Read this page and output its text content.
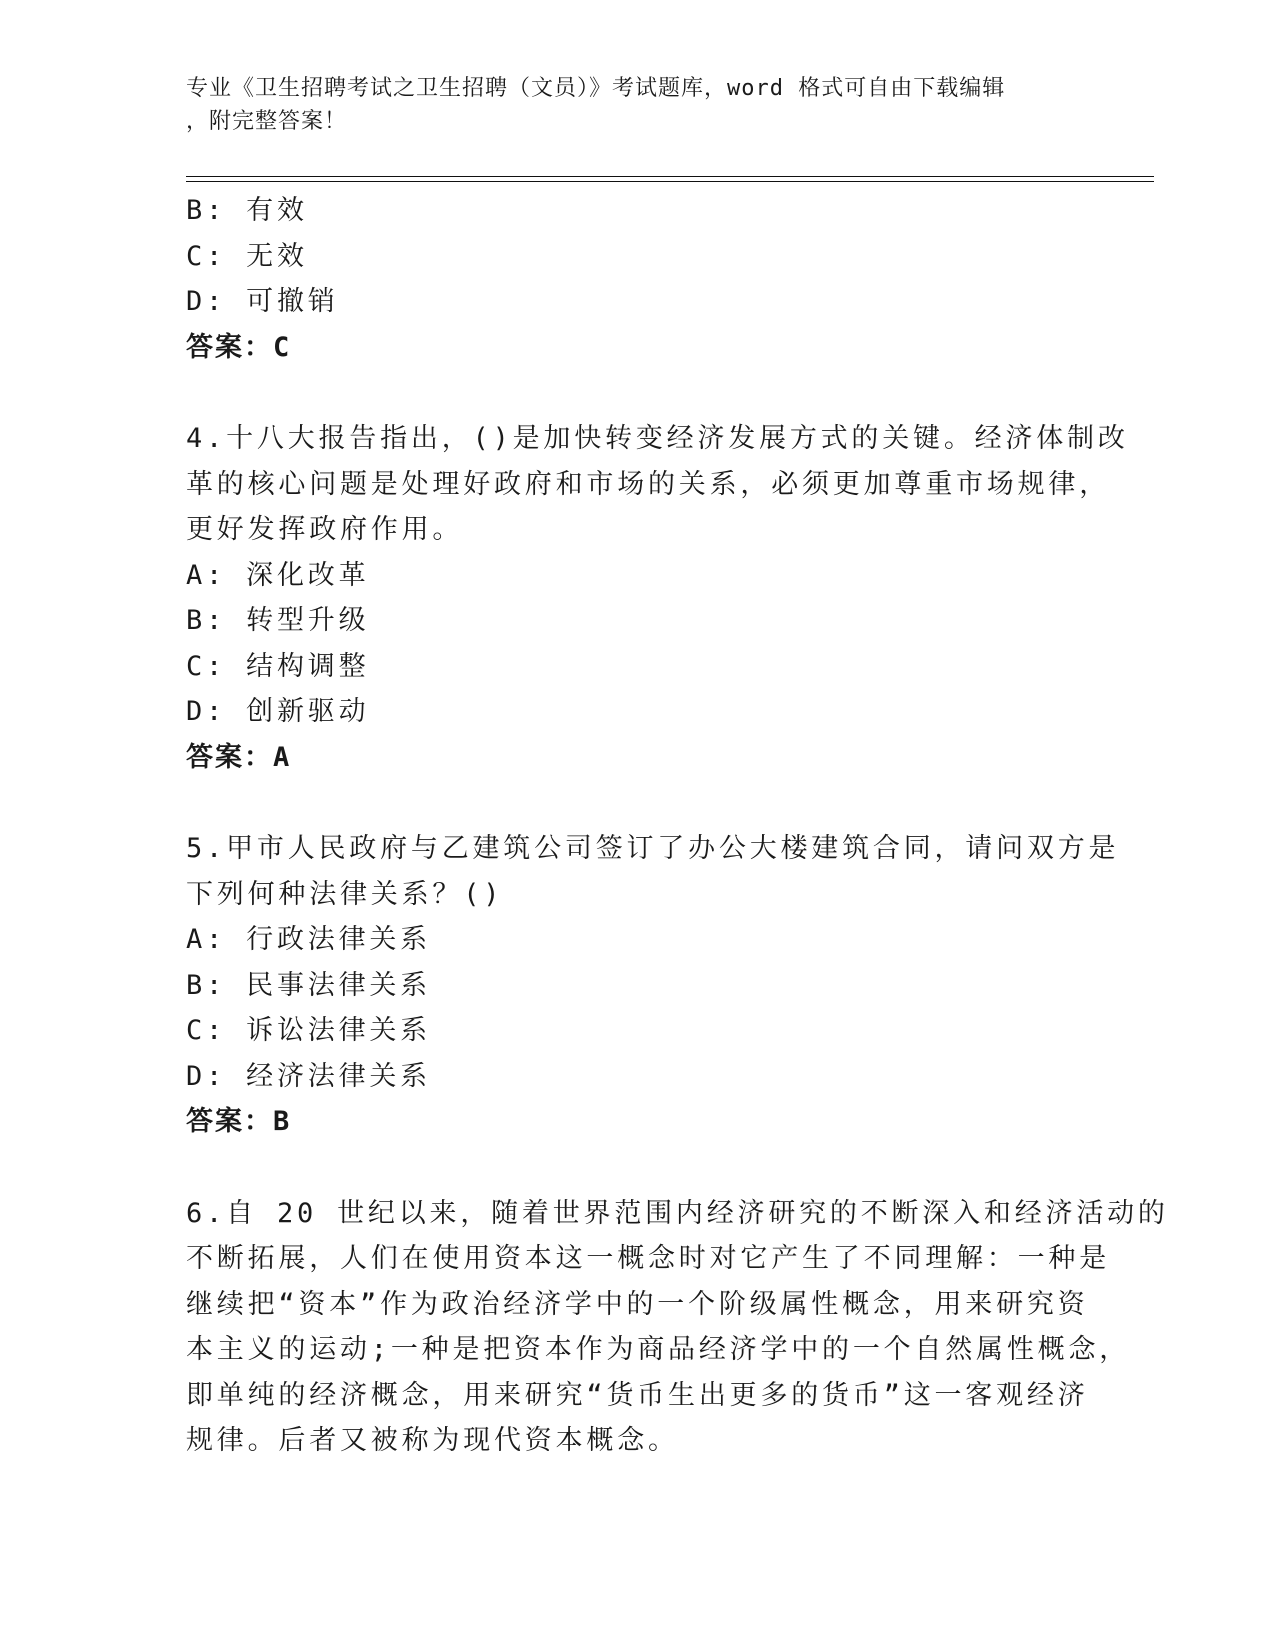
专业《卫生招聘考试之卫生招聘（文员）》考试题库，word 格式可自由下载编辑
，附完整答案！

B: 有效

C: 无效

D: 可撤销

答案：C

4.十八大报告指出，()是加快转变经济发展方式的关键。经济体制改

革的核心问题是处理好政府和市场的关系，必须更加尊重市场规律，

更好发挥政府作用。

A: 深化改革

B: 转型升级

C: 结构调整

D: 创新驱动

答案：A

5.甲市人民政府与乙建筑公司签订了办公大楼建筑合同，请问双方是

下列何种法律关系？()

A: 行政法律关系

B: 民事法律关系

C: 诉讼法律关系

D: 经济法律关系

答案：B

6.自 20 世纪以来，随着世界范围内经济研究的不断深入和经济活动的

不断拓展，人们在使用资本这一概念时对它产生了不同理解：一种是

继续把“资本”作为政治经济学中的一个阶级属性概念，用来研究资

本主义的运动;一种是把资本作为商品经济学中的一个自然属性概念，

即单纯的经济概念，用来研究“货币生出更多的货币”这一客观经济

规律。后者又被称为现代资本概念。
